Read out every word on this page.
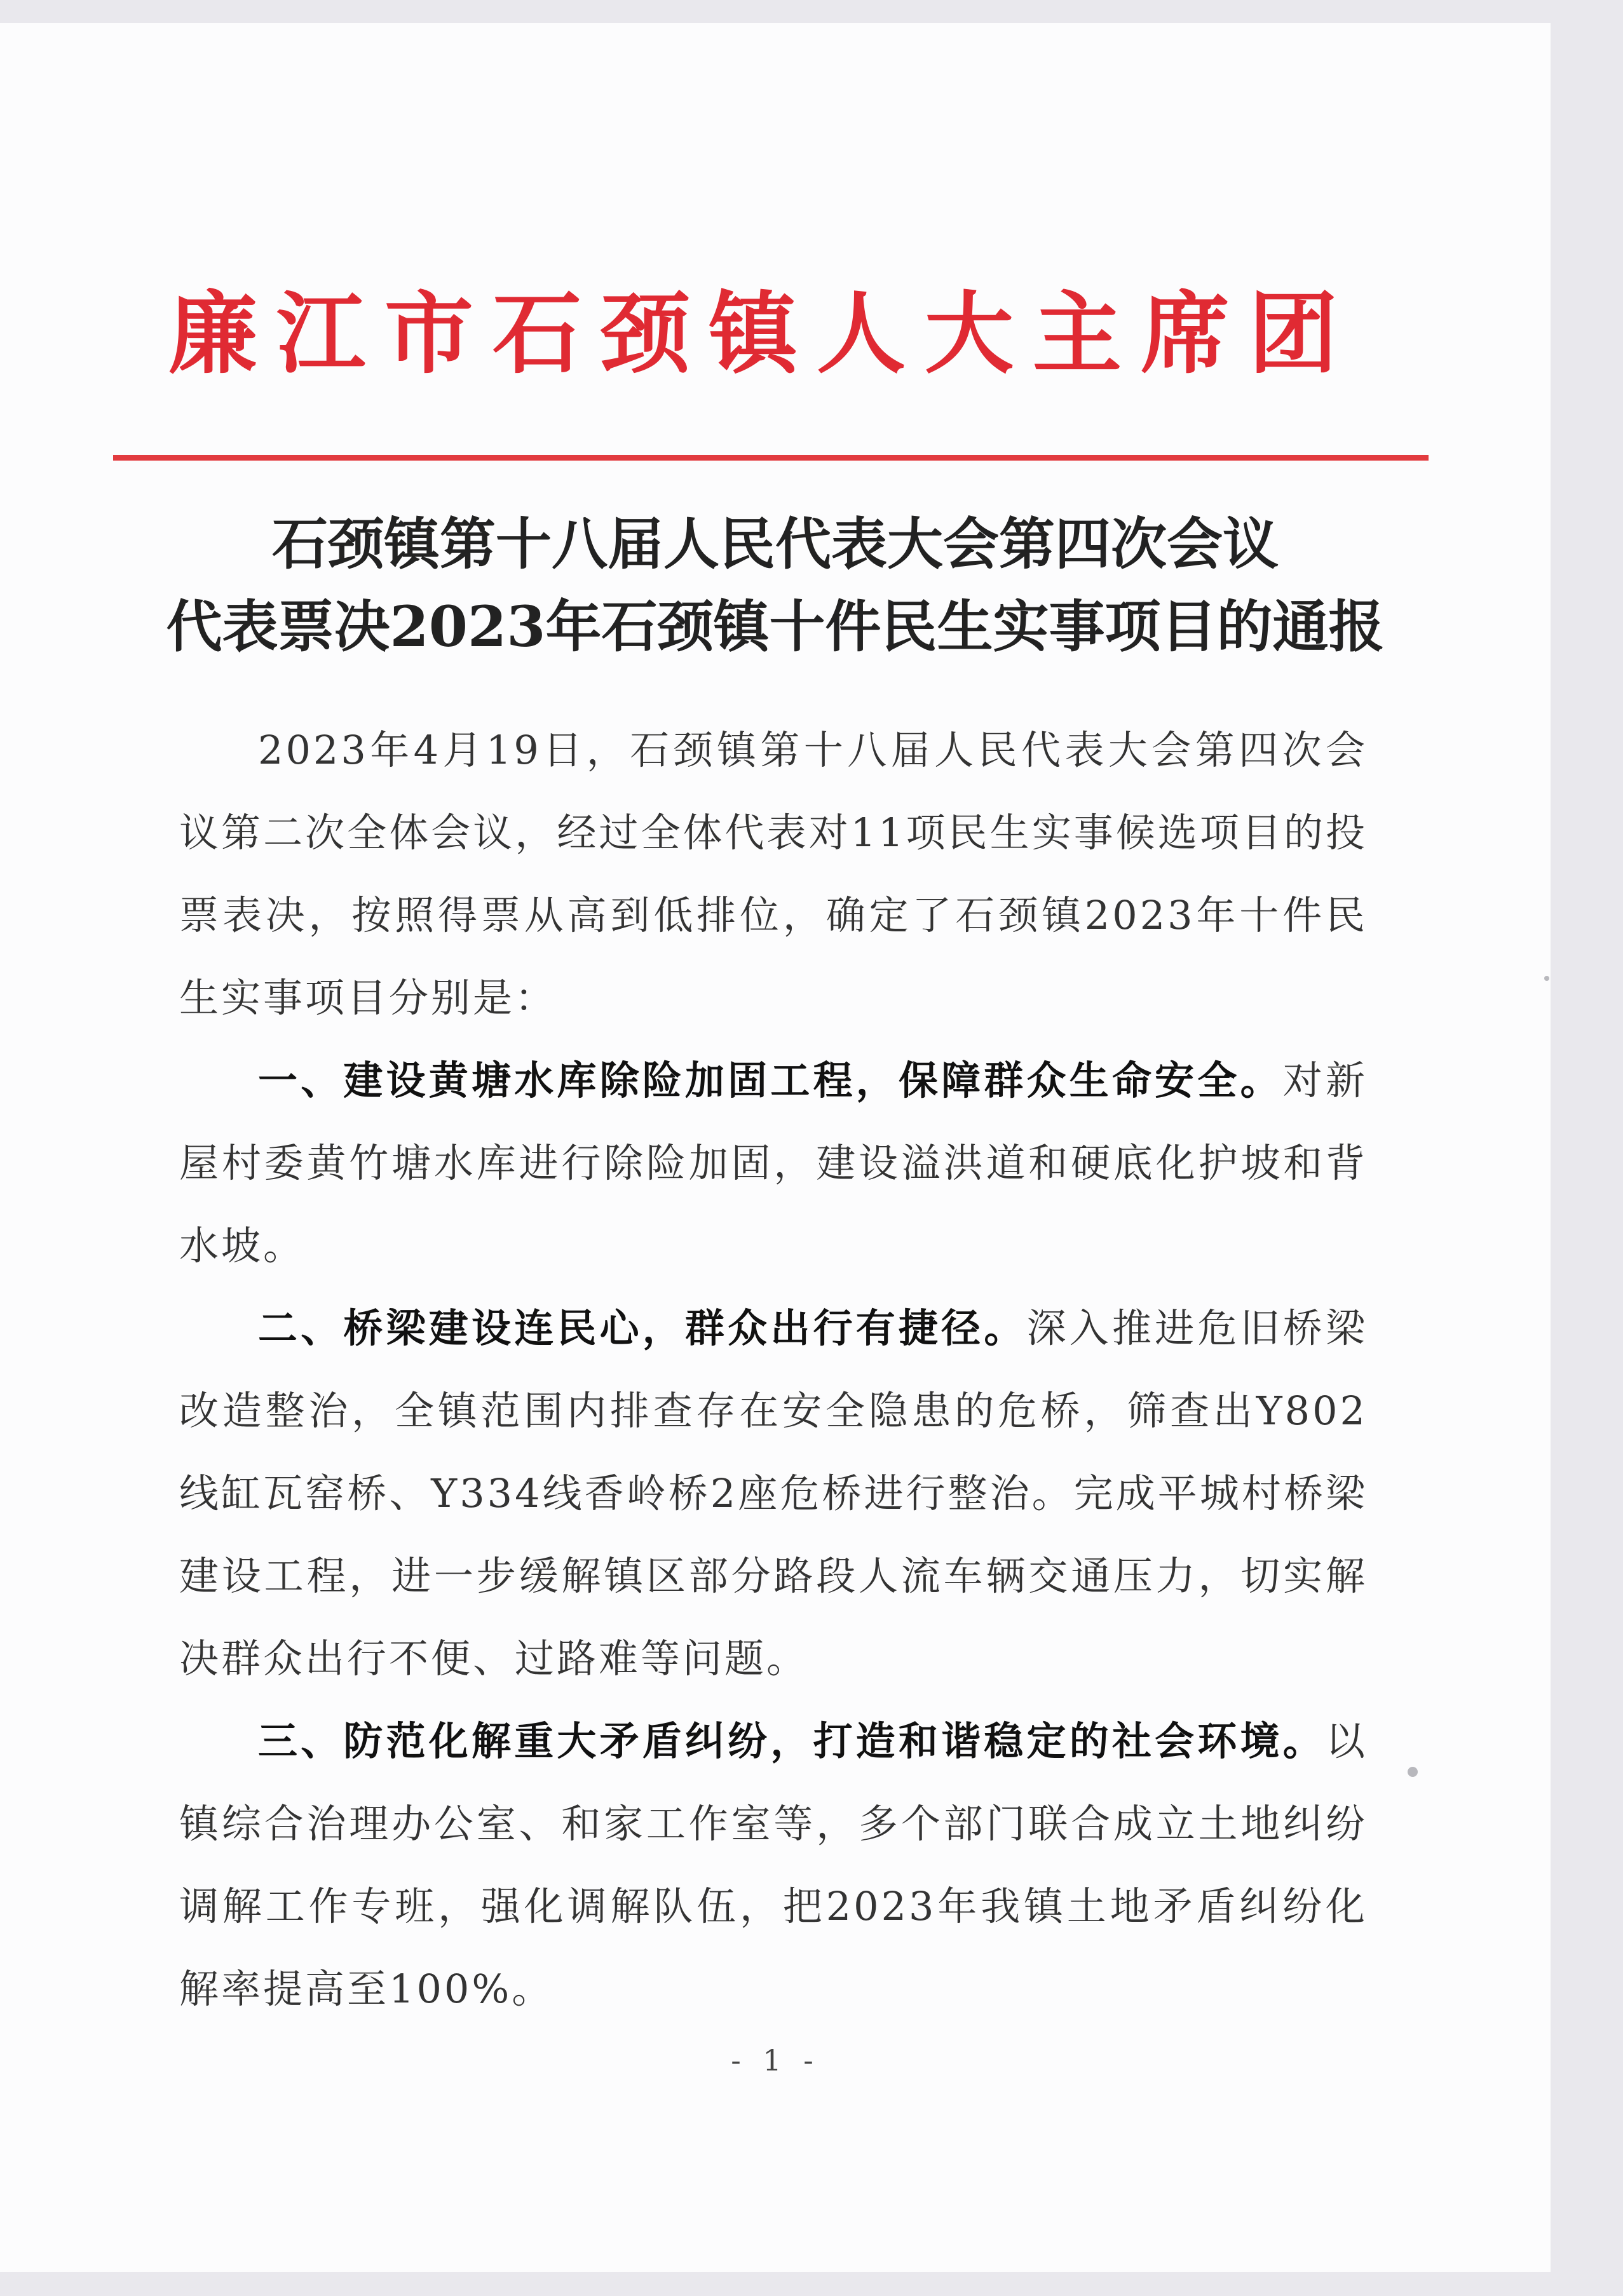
廉江市石颈镇人大主席团
石颈镇第十八届人民代表大会第四次会议
代表票决2023年石颈镇十件民生实事项目的通报

2023年4月19日，石颈镇第十八届人民代表大会第四次会议第二次全体会议，经过全体代表对11项民生实事候选项目的投票表决，按照得票从高到低排位，确定了石颈镇2023年十件民生实事项目分别是：

一、建设黄塘水库除险加固工程，保障群众生命安全。对新屋村委黄竹塘水库进行除险加固，建设溢洪道和硬底化护坡和背水坡。

二、桥梁建设连民心，群众出行有捷径。深入推进危旧桥梁改造整治，全镇范围内排查存在安全隐患的危桥，筛查出Y802线缸瓦窑桥、Y334线香岭桥2座危桥进行整治。完成平城村桥梁建设工程，进一步缓解镇区部分路段人流车辆交通压力，切实解决群众出行不便、过路难等问题。

三、防范化解重大矛盾纠纷，打造和谐稳定的社会环境。以镇综合治理办公室、和家工作室等，多个部门联合成立土地纠纷调解工作专班，强化调解队伍，把2023年我镇土地矛盾纠纷化解率提高至100%。

- 1 -
